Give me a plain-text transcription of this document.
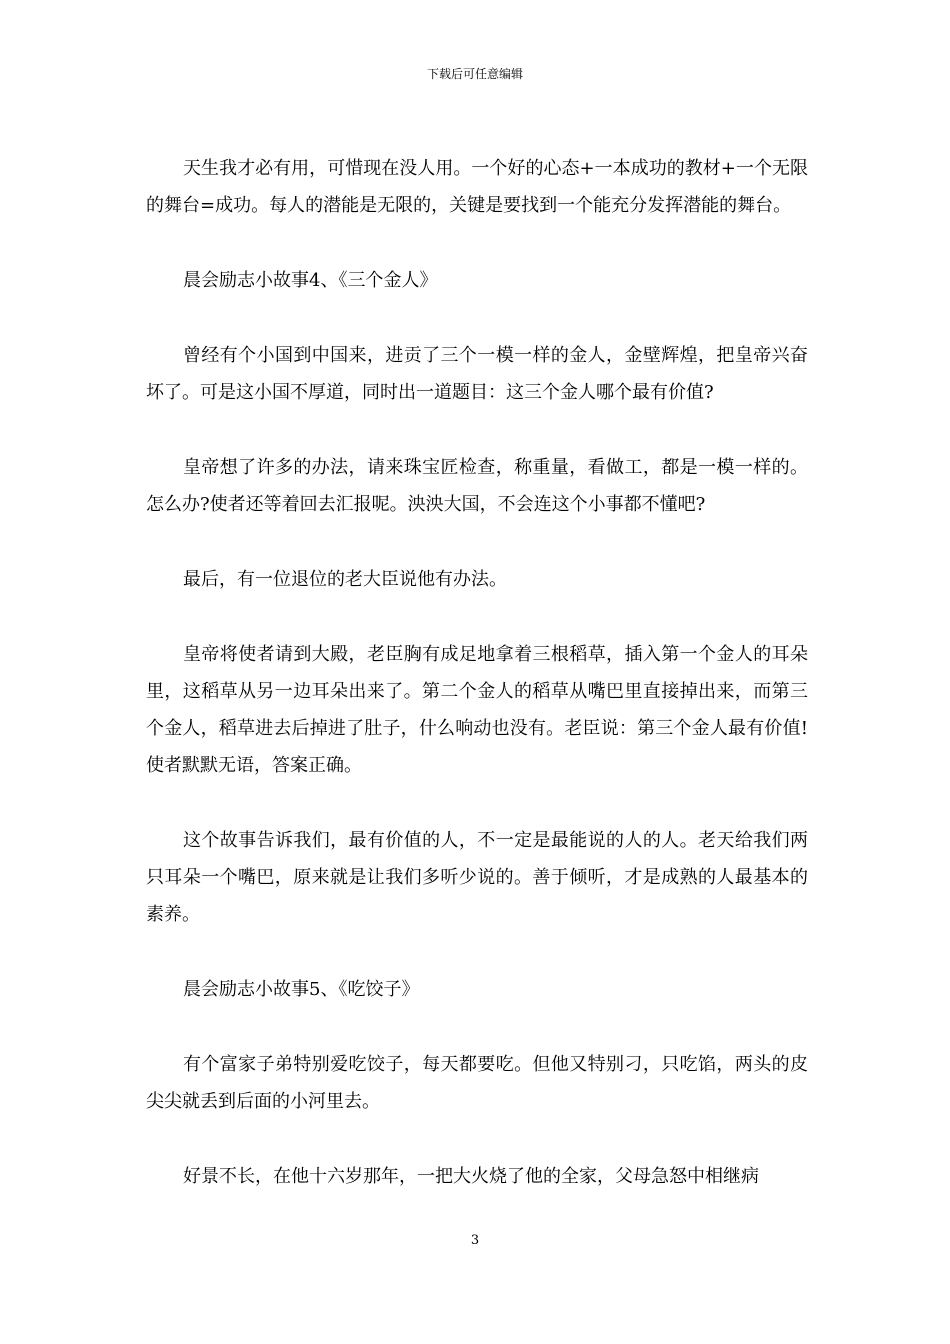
下载后可任意编辑

天生我才必有用，可惜现在没人用。一个好的心态+一本成功的教材+一个无限的舞台=成功。每人的潜能是无限的，关键是要找到一个能充分发挥潜能的舞台。

晨会励志小故事4、《三个金人》

曾经有个小国到中国来，进贡了三个一模一样的金人，金壁辉煌，把皇帝兴奋坏了。可是这小国不厚道，同时出一道题目：这三个金人哪个最有价值?

皇帝想了许多的办法，请来珠宝匠检查，称重量，看做工，都是一模一样的。怎么办?使者还等着回去汇报呢。泱泱大国，不会连这个小事都不懂吧?

最后，有一位退位的老大臣说他有办法。

皇帝将使者请到大殿，老臣胸有成足地拿着三根稻草，插入第一个金人的耳朵里，这稻草从另一边耳朵出来了。第二个金人的稻草从嘴巴里直接掉出来，而第三个金人，稻草进去后掉进了肚子，什么响动也没有。老臣说：第三个金人最有价值!使者默默无语，答案正确。

这个故事告诉我们，最有价值的人，不一定是最能说的人的人。老天给我们两只耳朵一个嘴巴，原来就是让我们多听少说的。善于倾听，才是成熟的人最基本的素养。

晨会励志小故事5、《吃饺子》

有个富家子弟特别爱吃饺子，每天都要吃。但他又特别刁，只吃馅，两头的皮尖尖就丢到后面的小河里去。

好景不长，在他十六岁那年，一把大火烧了他的全家，父母急怒中相继病

3
